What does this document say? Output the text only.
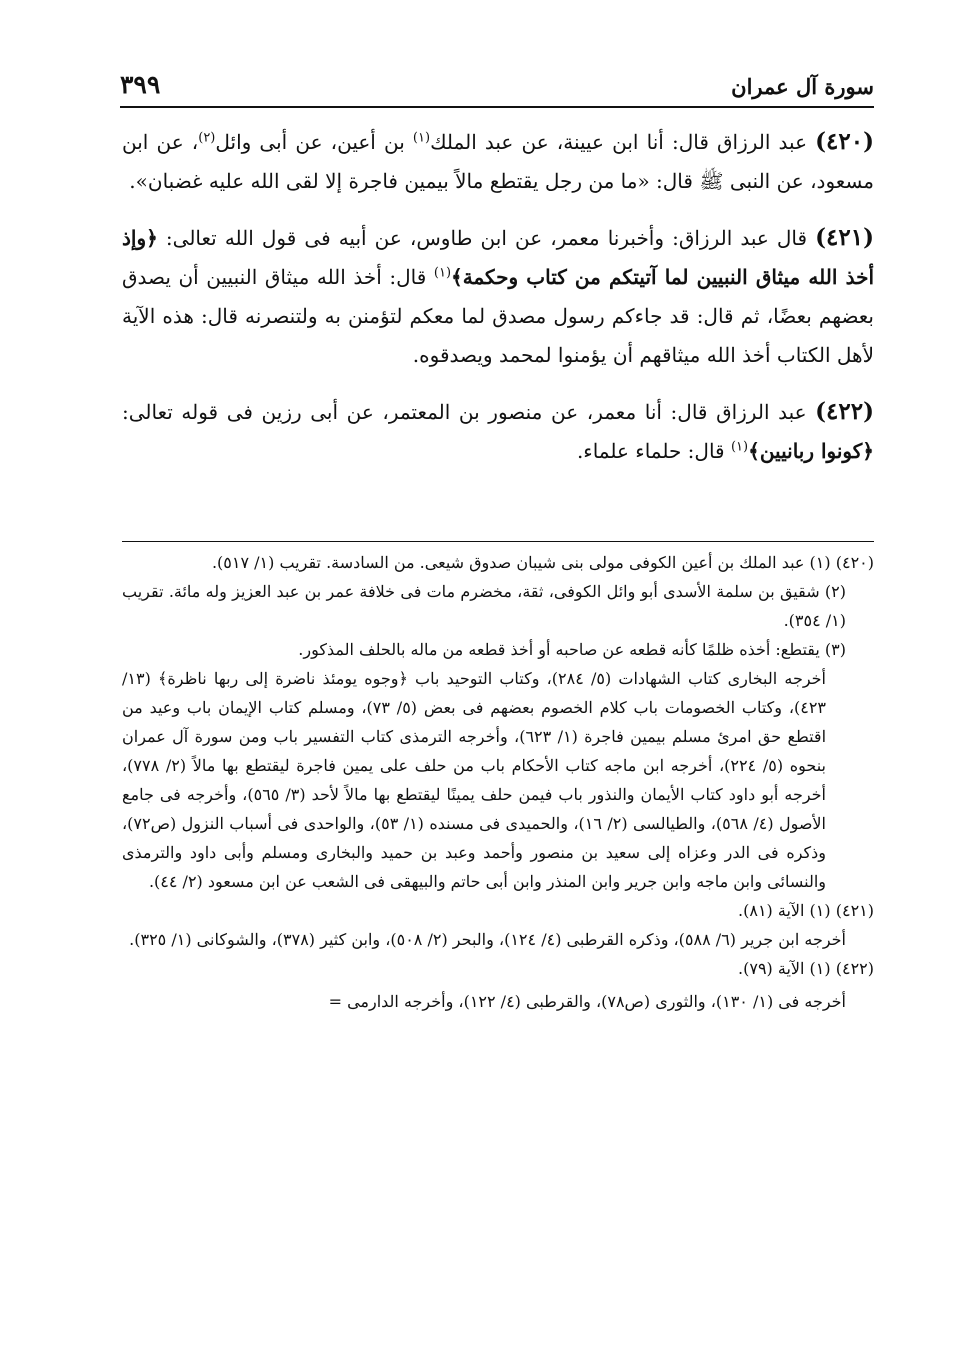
سورة آل عمران
٣٩٩

(٤٢٠) عبد الرزاق قال: أنا ابن عيينة، عن عبد الملك$^{(١)}$ بن أعين، عن أبى وائل$^{(٢)}$، عن ابن مسعود، عن النبى ﷺ قال: «ما من رجل يقتطع مالاً بيمين فاجرة إلا لقى الله عليه غضبان».

(٤٢١) قال عبد الرزاق: وأخبرنا معمر، عن ابن طاوس، عن أبيه فى قول الله تعالى: ﴿وإذ أخذ الله ميثاق النبيين لما آتيتكم من كتاب وحكمة﴾$^{(١)}$ قال: أخذ الله ميثاق النبيين أن يصدق بعضهم بعضًا، ثم قال: قد جاءكم رسول مصدق لما معكم لتؤمنن به ولتنصرنه قال: هذه الآية لأهل الكتاب أخذ الله ميثاقهم أن يؤمنوا لمحمد ويصدقوه.

(٤٢٢) عبد الرزاق قال: أنا معمر، عن منصور بن المعتمر، عن أبى رزين فى قوله تعالى: ﴿كونوا ربانيين﴾$^{(١)}$ قال: حلماء علماء.

(٤٢٠) (١) عبد الملك بن أعين الكوفى مولى بنى شيبان صدوق شيعى. من السادسة. تقريب (١/ ٥١٧).

(٢) شقيق بن سلمة الأسدى أبو وائل الكوفى، ثقة، مخضرم مات فى خلافة عمر بن عبد العزيز وله مائة. تقريب (١/ ٣٥٤).

(٣) يقتطع: أخذه ظلمًا كأنه قطعه عن صاحبه أو أخذ قطعه من ماله بالحلف المذكور.

أخرجه البخارى كتاب الشهادات (٥/ ٢٨٤)، وكتاب التوحيد باب ﴿وجوه يومئذ ناضرة إلى ربها ناظرة﴾ (١٣/ ٤٢٣)، وكتاب الخصومات باب كلام الخصوم بعضهم فى بعض (٥/ ٧٣)، ومسلم كتاب الإيمان باب وعيد من اقتطع حق امرئ مسلم بيمين فاجرة (١/ ٦٢٣)، وأخرجه الترمذى كتاب التفسير باب ومن سورة آل عمران بنحوه (٥/ ٢٢٤)، أخرجه ابن ماجه كتاب الأحكام باب من حلف على يمين فاجرة ليقتطع بها مالاً (٢/ ٧٧٨)، أخرجه أبو داود كتاب الأيمان والنذور باب فيمن حلف يمينًا ليقتطع بها مالاً لأحد (٣/ ٥٦٥)، وأخرجه فى جامع الأصول (٤/ ٥٦٨)، والطيالسى (٢/ ١٦)، والحميدى فى مسنده (١/ ٥٣)، والواحدى فى أسباب النزول (ص٧٢)، وذكره فى الدر وعزاه إلى سعيد بن منصور وأحمد وعبد بن حميد والبخارى ومسلم وأبى داود والترمذى والنسائى وابن ماجه وابن جرير وابن المنذر وابن أبى حاتم والبيهقى فى الشعب عن ابن مسعود (٢/ ٤٤).

(٤٢١) (١) الآية (٨١).

أخرجه ابن جرير (٦/ ٥٨٨)، وذكره القرطبى (٤/ ١٢٤)، والبحر (٢/ ٥٠٨)، وابن كثير (٣٧٨)، والشوكانى (١/ ٣٢٥).

(٤٢٢) (١) الآية (٧٩).

أخرجه فى (١/ ١٣٠)، والثورى (ص٧٨)، والقرطبى (٤/ ١٢٢)، وأخرجه الدارمى =
